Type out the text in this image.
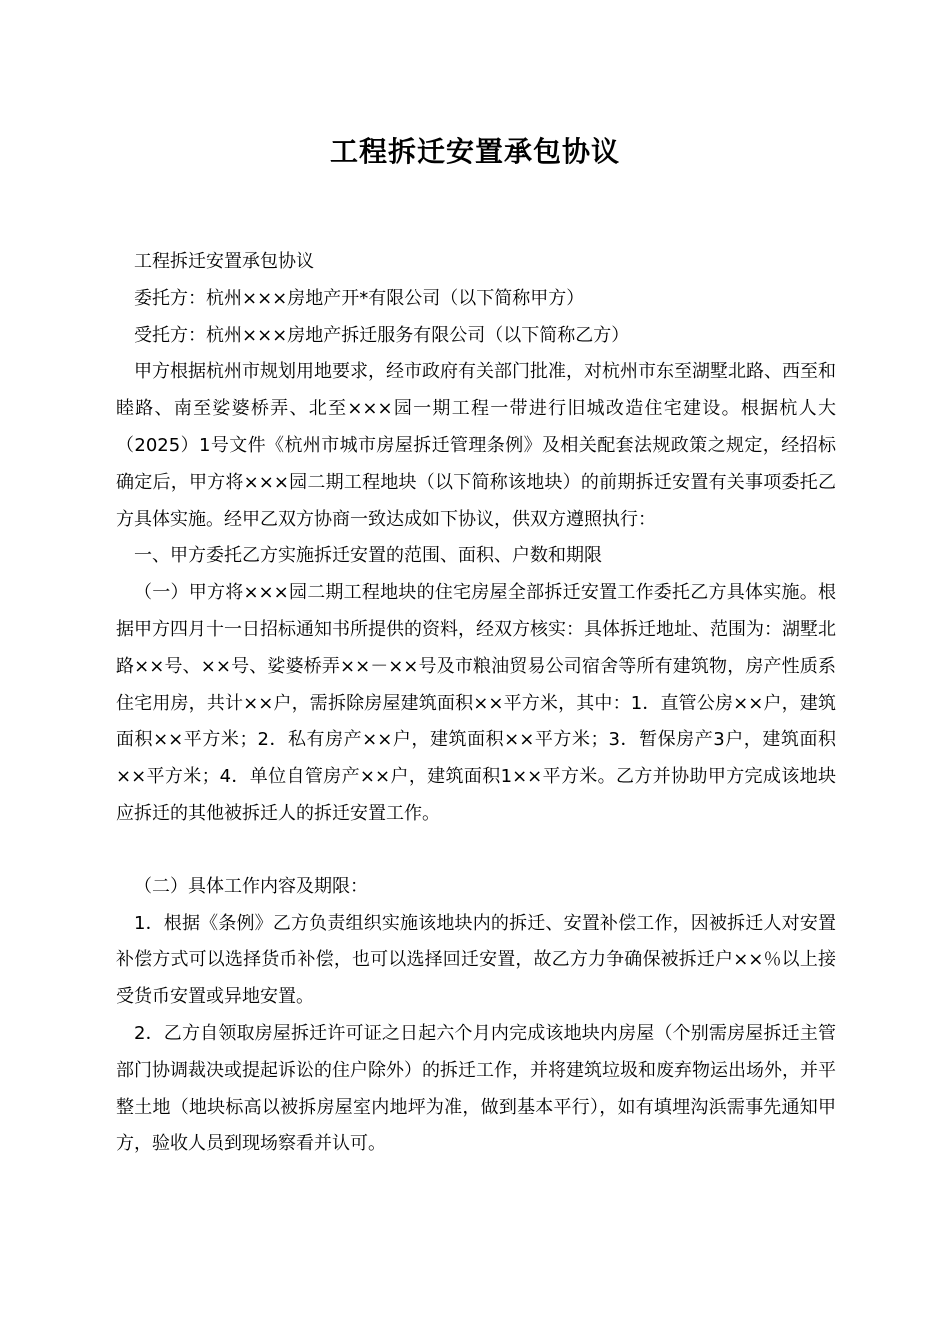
工程拆迁安置承包协议

工程拆迁安置承包协议

委托方：杭州×××房地产开*有限公司（以下简称甲方）

受托方：杭州×××房地产拆迁服务有限公司（以下简称乙方）

甲方根据杭州市规划用地要求，经市政府有关部门批准，对杭州市东至湖墅北路、西至和睦路、南至娑婆桥弄、北至×××园一期工程一带进行旧城改造住宅建设。根据杭人大（2025）1号文件《杭州市城市房屋拆迁管理条例》及相关配套法规政策之规定，经招标确定后，甲方将×××园二期工程地块（以下简称该地块）的前期拆迁安置有关事项委托乙方具体实施。经甲乙双方协商一致达成如下协议，供双方遵照执行：

一、甲方委托乙方实施拆迁安置的范围、面积、户数和期限

（一）甲方将×××园二期工程地块的住宅房屋全部拆迁安置工作委托乙方具体实施。根据甲方四月十一日招标通知书所提供的资料，经双方核实：具体拆迁地址、范围为：湖墅北路××号、××号、娑婆桥弄××－××号及市粮油贸易公司宿舍等所有建筑物，房产性质系住宅用房，共计××户，需拆除房屋建筑面积××平方米，其中：1．直管公房××户，建筑面积××平方米；2．私有房产××户，建筑面积××平方米；3．暂保房产3户，建筑面积××平方米；4．单位自管房产××户，建筑面积1××平方米。乙方并协助甲方完成该地块应拆迁的其他被拆迁人的拆迁安置工作。

（二）具体工作内容及期限：

1．根据《条例》乙方负责组织实施该地块内的拆迁、安置补偿工作，因被拆迁人对安置补偿方式可以选择货币补偿，也可以选择回迁安置，故乙方力争确保被拆迁户××％以上接受货币安置或异地安置。

2．乙方自领取房屋拆迁许可证之日起六个月内完成该地块内房屋（个别需房屋拆迁主管部门协调裁决或提起诉讼的住户除外）的拆迁工作，并将建筑垃圾和废弃物运出场外，并平整土地（地块标高以被拆房屋室内地坪为准，做到基本平行），如有填埋沟浜需事先通知甲方，验收人员到现场察看并认可。
